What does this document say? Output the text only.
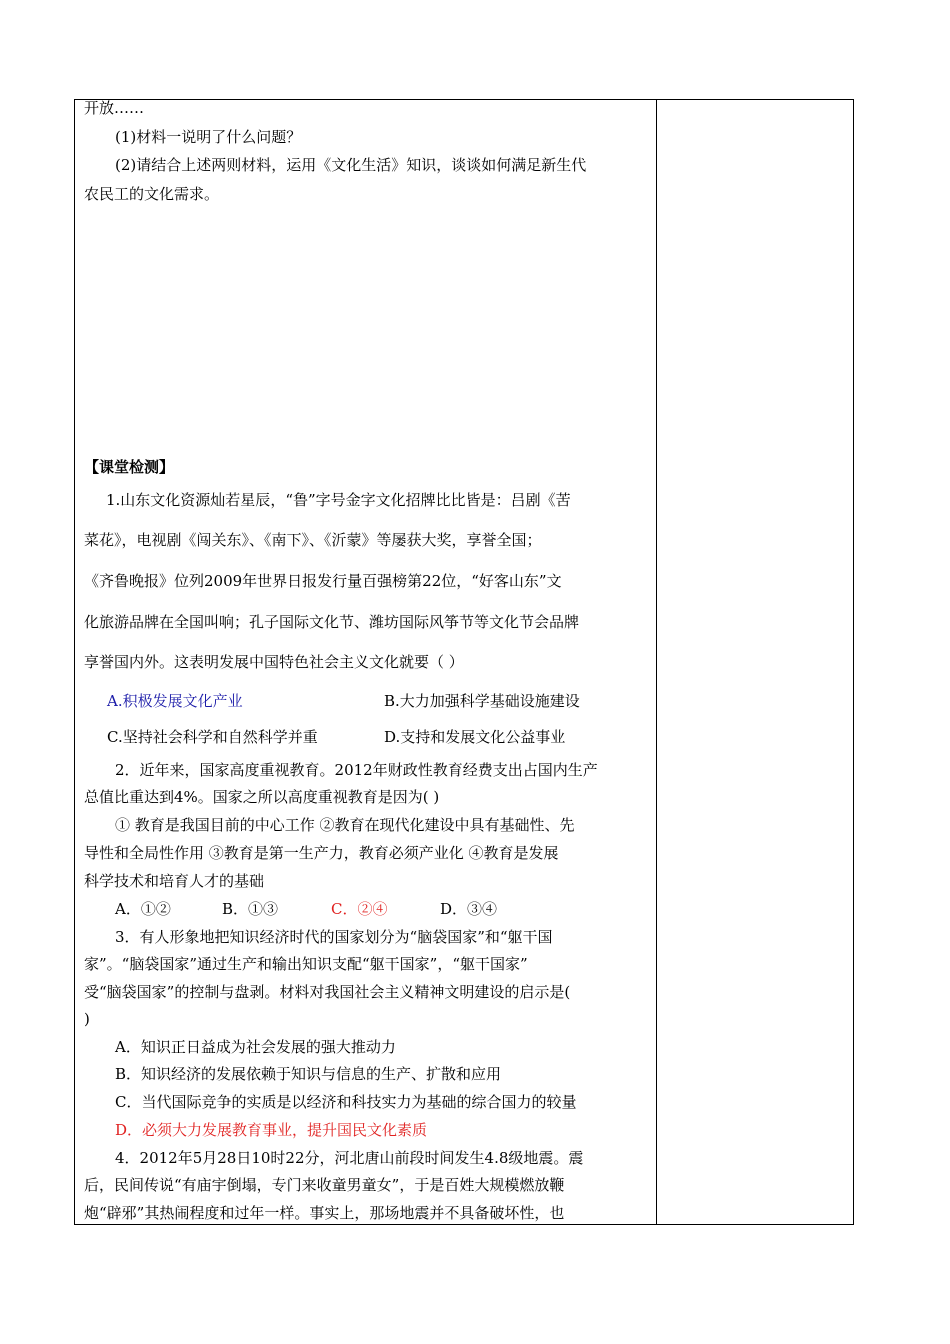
开放……
(1)材料一说明了什么问题？
(2)请结合上述两则材料，运用《文化生活》知识，谈谈如何满足新生代
农民工的文化需求。
【课堂检测】
1.山东文化资源灿若星辰，“鲁”字号金字文化招牌比比皆是：吕剧《苦
菜花》，电视剧《闯关东》、《南下》、《沂蒙》等屡获大奖，享誉全国；
《齐鲁晚报》位列2009年世界日报发行量百强榜第22位，“好客山东”文
化旅游品牌在全国叫响；孔子国际文化节、潍坊国际风筝节等文化节会品牌
享誉国内外。这表明发展中国特色社会主义文化就要（ ）
A.积极发展文化产业	B.大力加强科学基础设施建设
C.坚持社会科学和自然科学并重	D.支持和发展文化公益事业
2．近年来，国家高度重视教育。2012年财政性教育经费支出占国内生产
总值比重达到4%。国家之所以高度重视教育是因为( )
① 教育是我国目前的中心工作 ②教育在现代化建设中具有基础性、先
导性和全局性作用 ③教育是第一生产力，教育必须产业化 ④教育是发展
科学技术和培育人才的基础
A．①②	B．①③	C．②④	D．③④
3．有人形象地把知识经济时代的国家划分为“脑袋国家”和“躯干国
家”。“脑袋国家”通过生产和输出知识支配“躯干国家”，“躯干国家”
受“脑袋国家”的控制与盘剥。材料对我国社会主义精神文明建设的启示是(
)
A．知识正日益成为社会发展的强大推动力
B．知识经济的发展依赖于知识与信息的生产、扩散和应用
C．当代国际竞争的实质是以经济和科技实力为基础的综合国力的较量
D．必须大力发展教育事业，提升国民文化素质
4．2012年5月28日10时22分，河北唐山前段时间发生4.8级地震。震
后，民间传说“有庙宇倒塌，专门来收童男童女”，于是百姓大规模燃放鞭
炮“辟邪”其热闹程度和过年一样。事实上，那场地震并不具备破坏性，也
